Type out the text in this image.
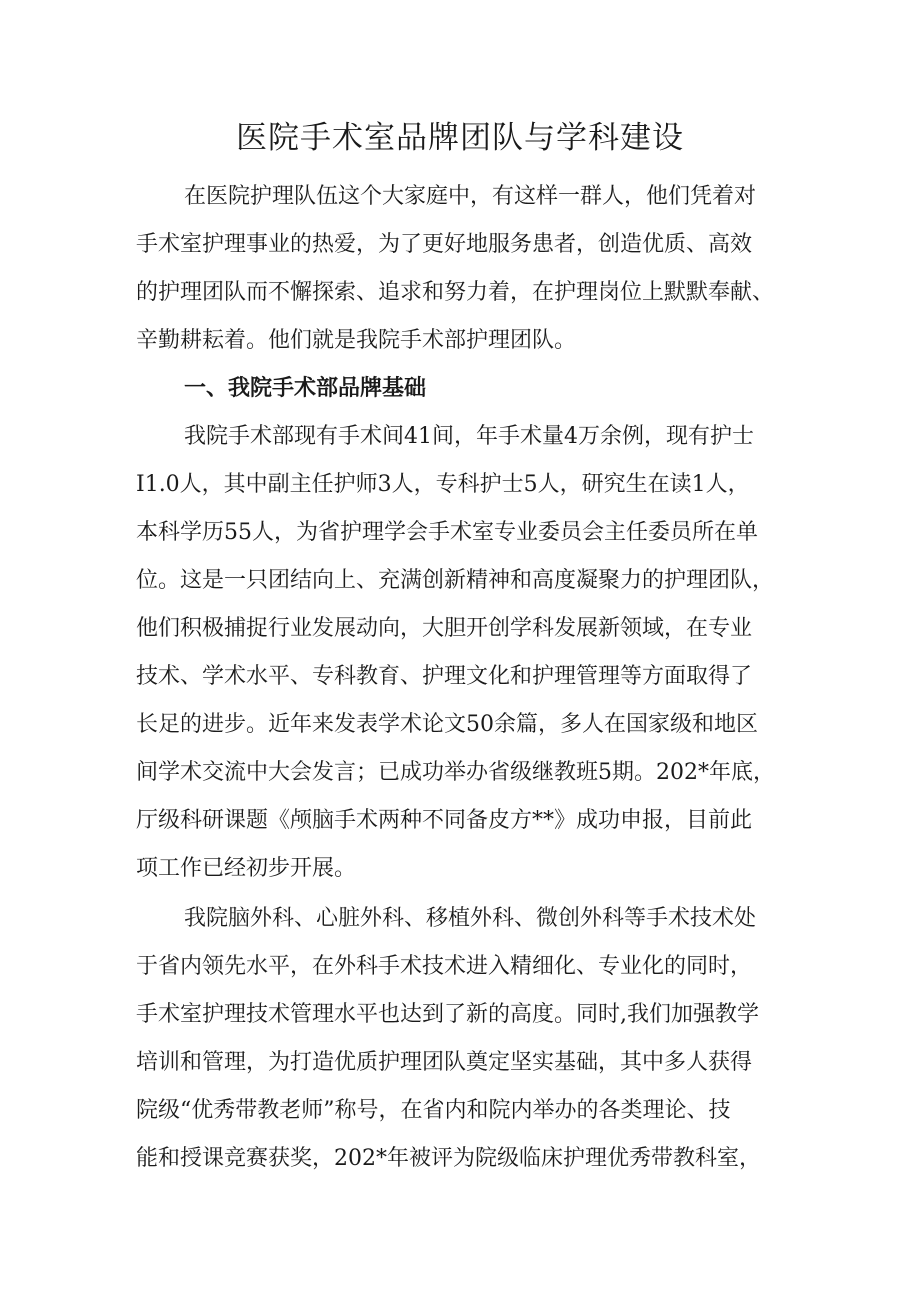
医院手术室品牌团队与学科建设

在医院护理队伍这个大家庭中，有这样一群人，他们凭着对

手术室护理事业的热爱，为了更好地服务患者，创造优质、高效

的护理团队而不懈探索、追求和努力着，在护理岗位上默默奉献、

辛勤耕耘着。他们就是我院手术部护理团队。

一、我院手术部品牌基础

我院手术部现有手术间41间，年手术量4万余例，现有护士

I1.0人，其中副主任护师3人，专科护士5人，研究生在读1人，

本科学历55人，为省护理学会手术室专业委员会主任委员所在单

位。这是一只团结向上、充满创新精神和高度凝聚力的护理团队，

他们积极捕捉行业发展动向，大胆开创学科发展新领域，在专业

技术、学术水平、专科教育、护理文化和护理管理等方面取得了

长足的进步。近年来发表学术论文50余篇，多人在国家级和地区

间学术交流中大会发言；已成功举办省级继教班5期。202*年底，

厅级科研课题《颅脑手术两种不同备皮方**》成功申报，目前此

项工作已经初步开展。

我院脑外科、心脏外科、移植外科、微创外科等手术技术处

于省内领先水平，在外科手术技术进入精细化、专业化的同时，

手术室护理技术管理水平也达到了新的高度。同时,我们加强教学

培训和管理，为打造优质护理团队奠定坚实基础，其中多人获得

院级“优秀带教老师”称号，在省内和院内举办的各类理论、技

能和授课竞赛获奖，202*年被评为院级临床护理优秀带教科室，
